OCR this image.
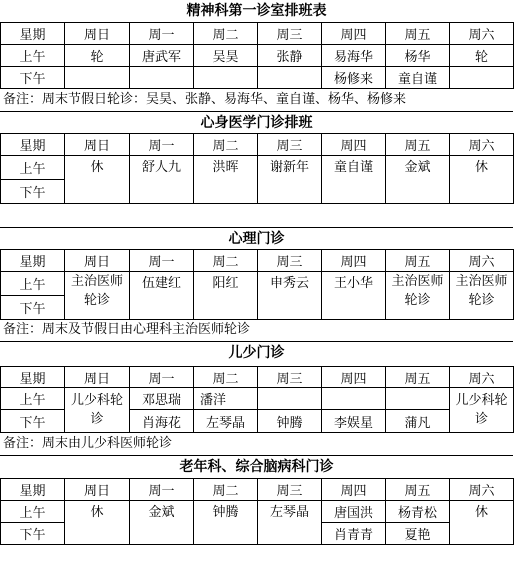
精神科第一诊室排班表
星期	周日	周一	周二	周三	周四	周五	周六
上午	轮	唐武军	吴昊	张静	易海华	杨华	轮
下午					杨修来	童自谨	
备注：周末节假日轮诊：吴昊、张静、易海华、童自谨、杨华、杨修来
心身医学门诊排班
星期	周日	周一	周二	周三	周四	周五	周六
上午	休	舒人九	洪晖	谢新年	童自谨	金斌	休
下午							
心理门诊
星期	周日	周一	周二	周三	周四	周五	周六
上午	主治医师轮诊	伍建红	阳红	申秀云	王小华	主治医师轮诊	主治医师轮诊
下午							
备注：周末及节假日由心理科主治医师轮诊
儿少门诊
星期	周日	周一	周二	周三	周四	周五	周六
上午	儿少科轮诊	邓思瑞	潘洋				儿少科轮诊
下午		肖海花	左琴晶	钟腾	李娱星	蒲凡	
备注：周末由儿少科医师轮诊
老年科、综合脑病科门诊
星期	周日	周一	周二	周三	周四	周五	周六
上午	休	金斌	钟腾	左琴晶	唐国洪	杨青松	休
下午					肖青青	夏艳	
